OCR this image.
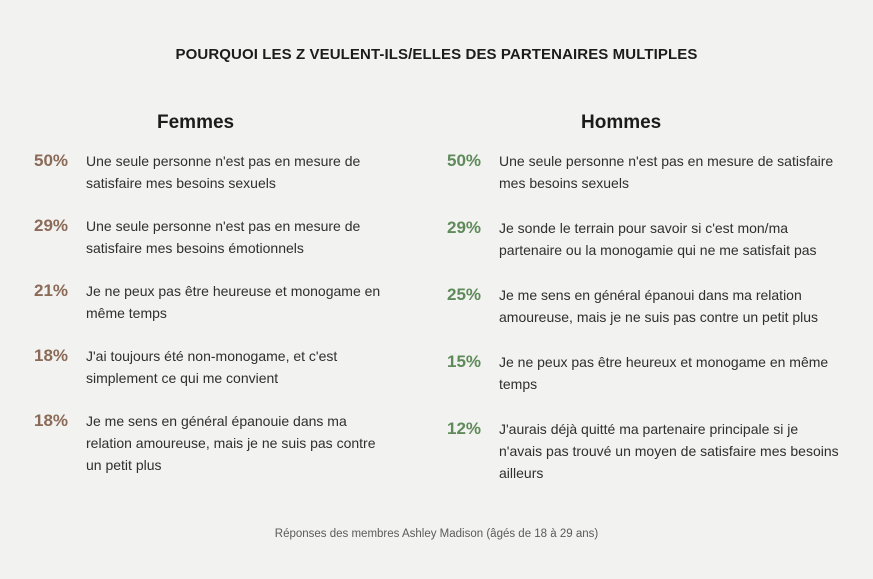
POURQUOI LES Z VEULENT-ILS/ELLES DES PARTENAIRES MULTIPLES
Femmes
50%	Une seule personne n'est pas en mesure de satisfaire mes besoins sexuels
29%	Une seule personne n'est pas en mesure de satisfaire mes besoins émotionnels
21%	Je ne peux pas être heureuse et monogame en même temps
18%	J'ai toujours été non-monogame, et c'est simplement ce qui me convient
18%	Je me sens en général épanouie dans ma relation amoureuse, mais je ne suis pas contre un petit plus
Hommes
50%	Une seule personne n'est pas en mesure de satisfaire mes besoins sexuels
29%	Je sonde le terrain pour savoir si c'est mon/ma partenaire ou la monogamie qui ne me satisfait pas
25%	Je me sens en général épanoui dans ma relation amoureuse, mais je ne suis pas contre un petit plus
15%	Je ne peux pas être heureux et monogame en même temps
12%	J'aurais déjà quitté ma partenaire principale si je n'avais pas trouvé un moyen de satisfaire mes besoins ailleurs
Réponses des membres Ashley Madison (âgés de 18 à 29 ans)
